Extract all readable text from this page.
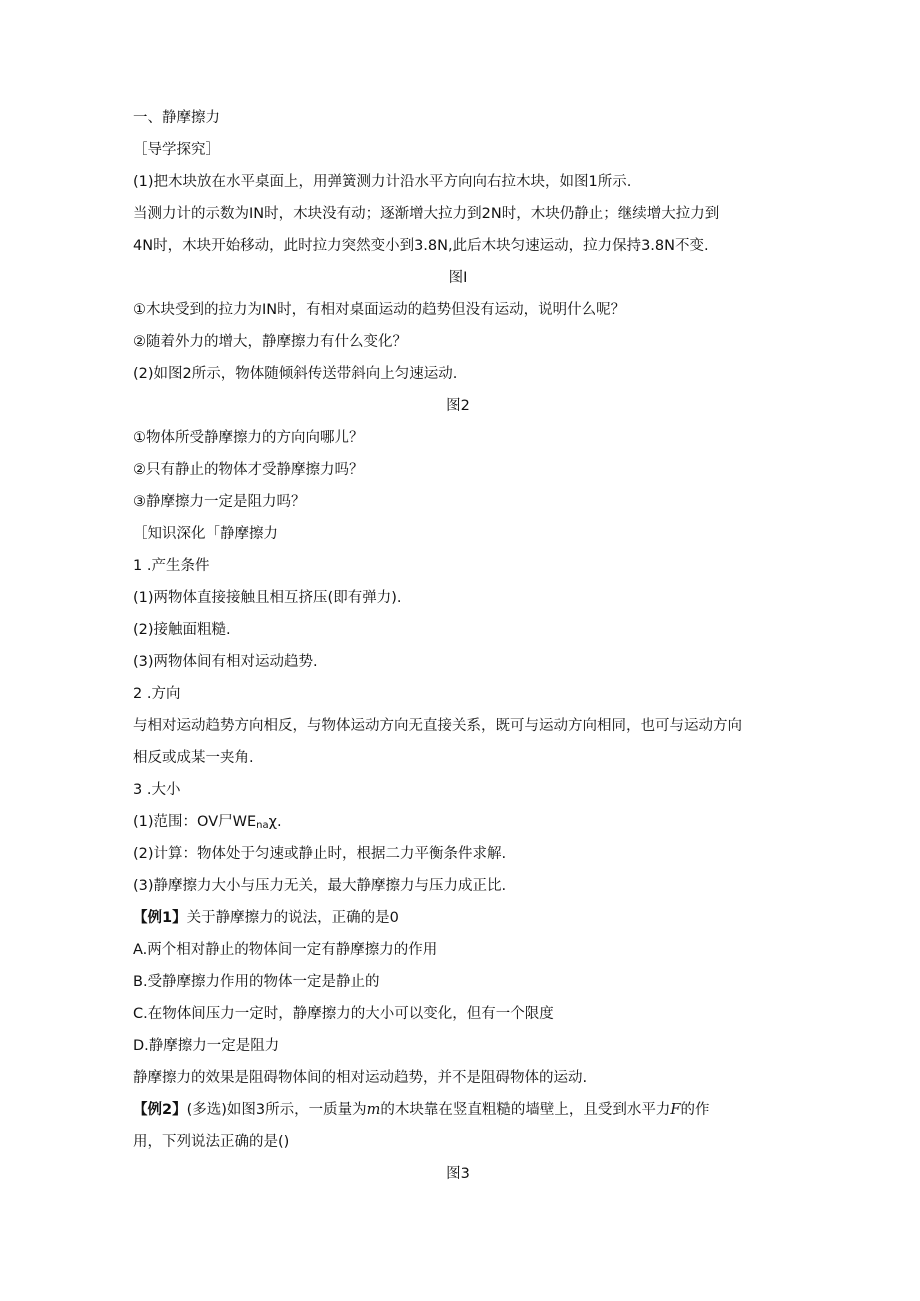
一、静摩擦力
［导学探究］
(1)把木块放在水平桌面上，用弹簧测力计沿水平方向向右拉木块，如图1所示.
当测力计的示数为IN时，木块没有动；逐渐增大拉力到2N时，木块仍静止；继续增大拉力到
4N时，木块开始移动，此时拉力突然变小到3.8N,此后木块匀速运动，拉力保持3.8N不变.
图I
①木块受到的拉力为IN时，有相对桌面运动的趋势但没有运动，说明什么呢？
②随着外力的增大，静摩擦力有什么变化？
(2)如图2所示，物体随倾斜传送带斜向上匀速运动.
图2
①物体所受静摩擦力的方向向哪儿？
②只有静止的物体才受静摩擦力吗？
③静摩擦力一定是阻力吗？
［知识深化「静摩擦力
1 .产生条件
(1)两物体直接接触且相互挤压(即有弹力).
(2)接触面粗糙.
(3)两物体间有相对运动趋势.
2 .方向
与相对运动趋势方向相反，与物体运动方向无直接关系，既可与运动方向相同，也可与运动方向
相反或成某一夹角.
3 .大小
(1)范围：OV尸$WE_{na}\chi$.
(2)计算：物体处于匀速或静止时，根据二力平衡条件求解.
(3)静摩擦力大小与压力无关，最大静摩擦力与压力成正比.
【例1】关于静摩擦力的说法，正确的是0
A.两个相对静止的物体间一定有静摩擦力的作用
B.受静摩擦力作用的物体一定是静止的
C.在物体间压力一定时，静摩擦力的大小可以变化，但有一个限度
D.静摩擦力一定是阻力
静摩擦力的效果是阻碍物体间的相对运动趋势，并不是阻碍物体的运动.
【例2】(多选)如图3所示，一质量为m的木块靠在竖直粗糙的墙壁上，且受到水平力F的作
用，下列说法正确的是()
图3
